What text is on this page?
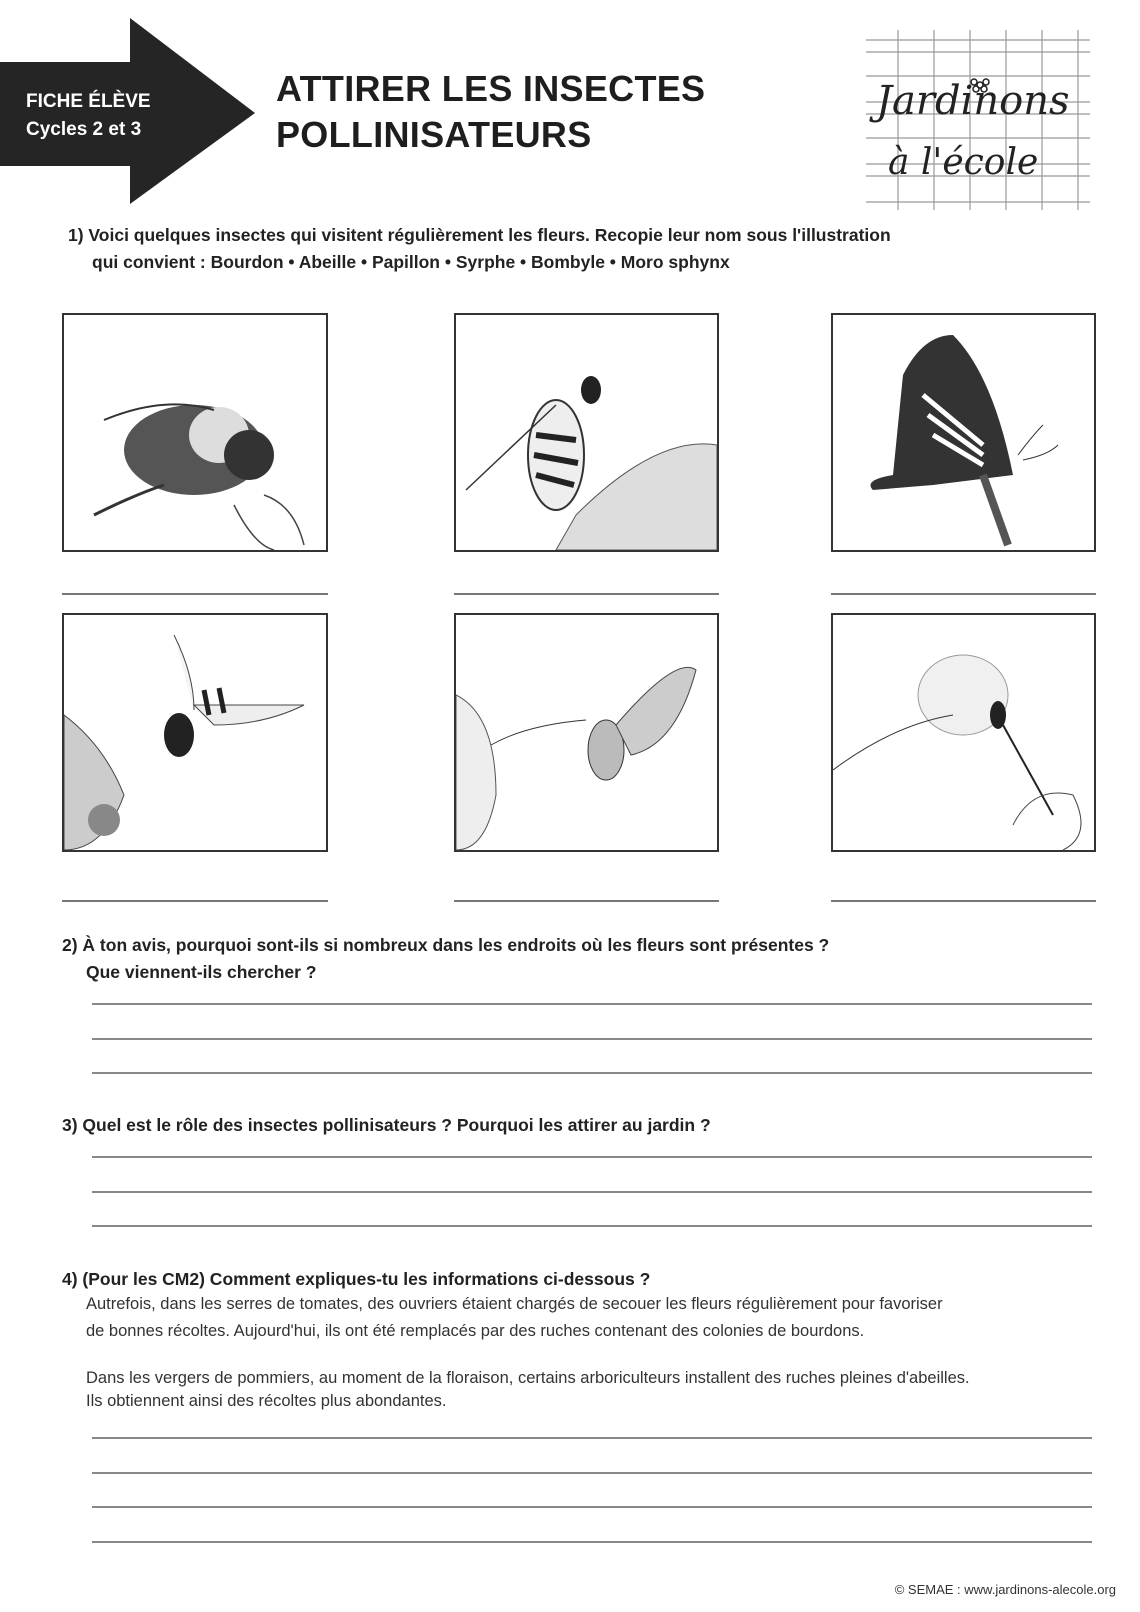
FICHE ÉLÈVE
Cycles 2 et 3
ATTIRER LES INSECTES
POLLINISATEURS
Jardinons
à l'école
1) Voici quelques insectes qui visitent régulièrement les fleurs. Recopie leur nom sous l'illustration
qui convient : Bourdon • Abeille • Papillon • Syrphe • Bombyle • Moro sphynx
2) À ton avis, pourquoi sont-ils si nombreux dans les endroits où les fleurs sont présentes ?
Que viennent-ils chercher ?
3) Quel est le rôle des insectes pollinisateurs ? Pourquoi les attirer au jardin ?
4) (Pour les CM2) Comment expliques-tu les informations ci-dessous ?
Autrefois, dans les serres de tomates, des ouvriers étaient chargés de secouer les fleurs régulièrement pour favoriser
de bonnes récoltes. Aujourd'hui, ils ont été remplacés par des ruches contenant des colonies de bourdons.
Dans les vergers de pommiers, au moment de la floraison, certains arboriculteurs installent des ruches pleines d'abeilles.
Ils obtiennent ainsi des récoltes plus abondantes.
© SEMAE : www.jardinons-alecole.org
